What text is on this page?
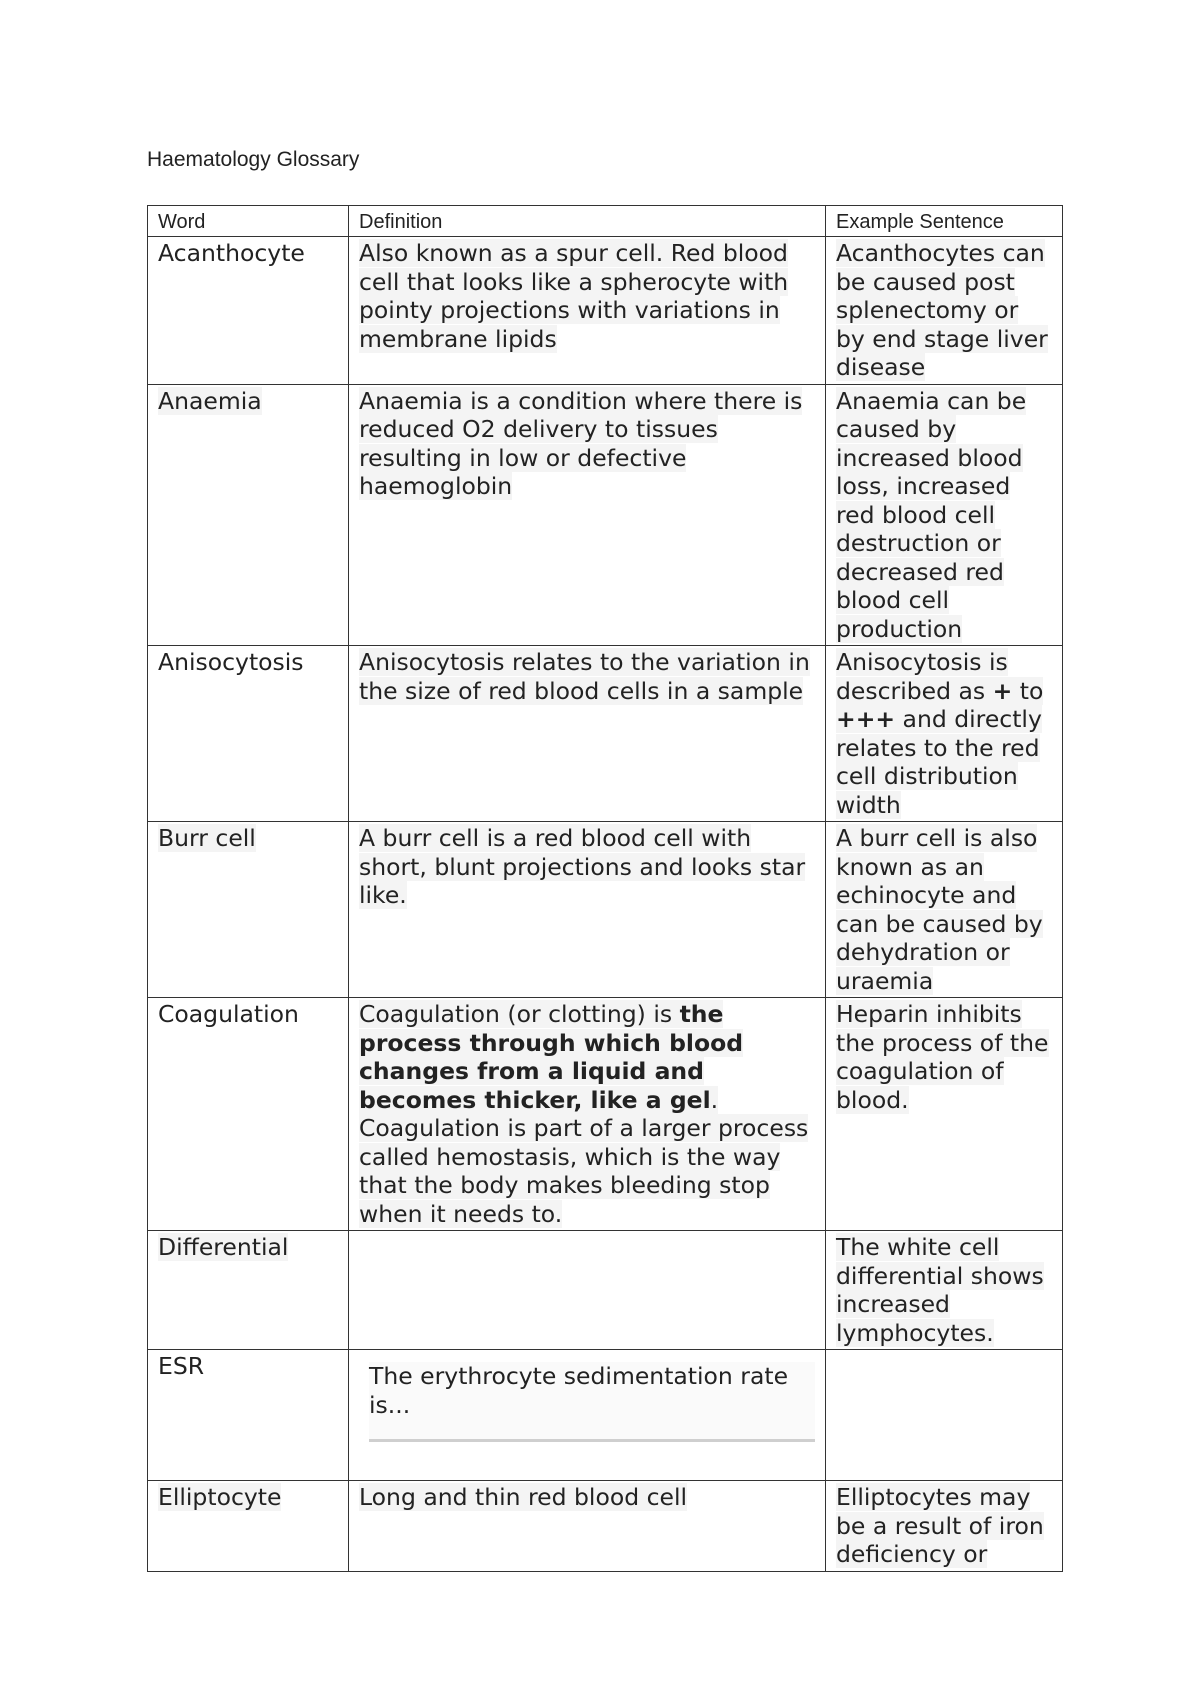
Haematology Glossary
Word	Definition	Example Sentence
Acanthocyte	Also known as a spur cell. Red blood cell that looks like a spherocyte with pointy projections with variations in membrane lipids	Acanthocytes can be caused post splenectomy or by end stage liver disease
Anaemia	Anaemia is a condition where there is reduced O2 delivery to tissues resulting in low or defective haemoglobin	Anaemia can be caused by increased blood loss, increased red blood cell destruction or decreased red blood cell production
Anisocytosis	Anisocytosis relates to the variation in the size of red blood cells in a sample	Anisocytosis is described as + to +++ and directly relates to the red cell distribution width
Burr cell	A burr cell is a red blood cell with short, blunt projections and looks star like.	A burr cell is also known as an echinocyte and can be caused by dehydration or uraemia
Coagulation	Coagulation (or clotting) is the process through which blood changes from a liquid and becomes thicker, like a gel. Coagulation is part of a larger process called hemostasis, which is the way that the body makes bleeding stop when it needs to.	Heparin inhibits the process of the coagulation of blood.
Differential		The white cell differential shows increased lymphocytes.
ESR	The erythrocyte sedimentation rate is...	

Elliptocyte	Long and thin red blood cell	Elliptocytes may be a result of iron deficiency or
